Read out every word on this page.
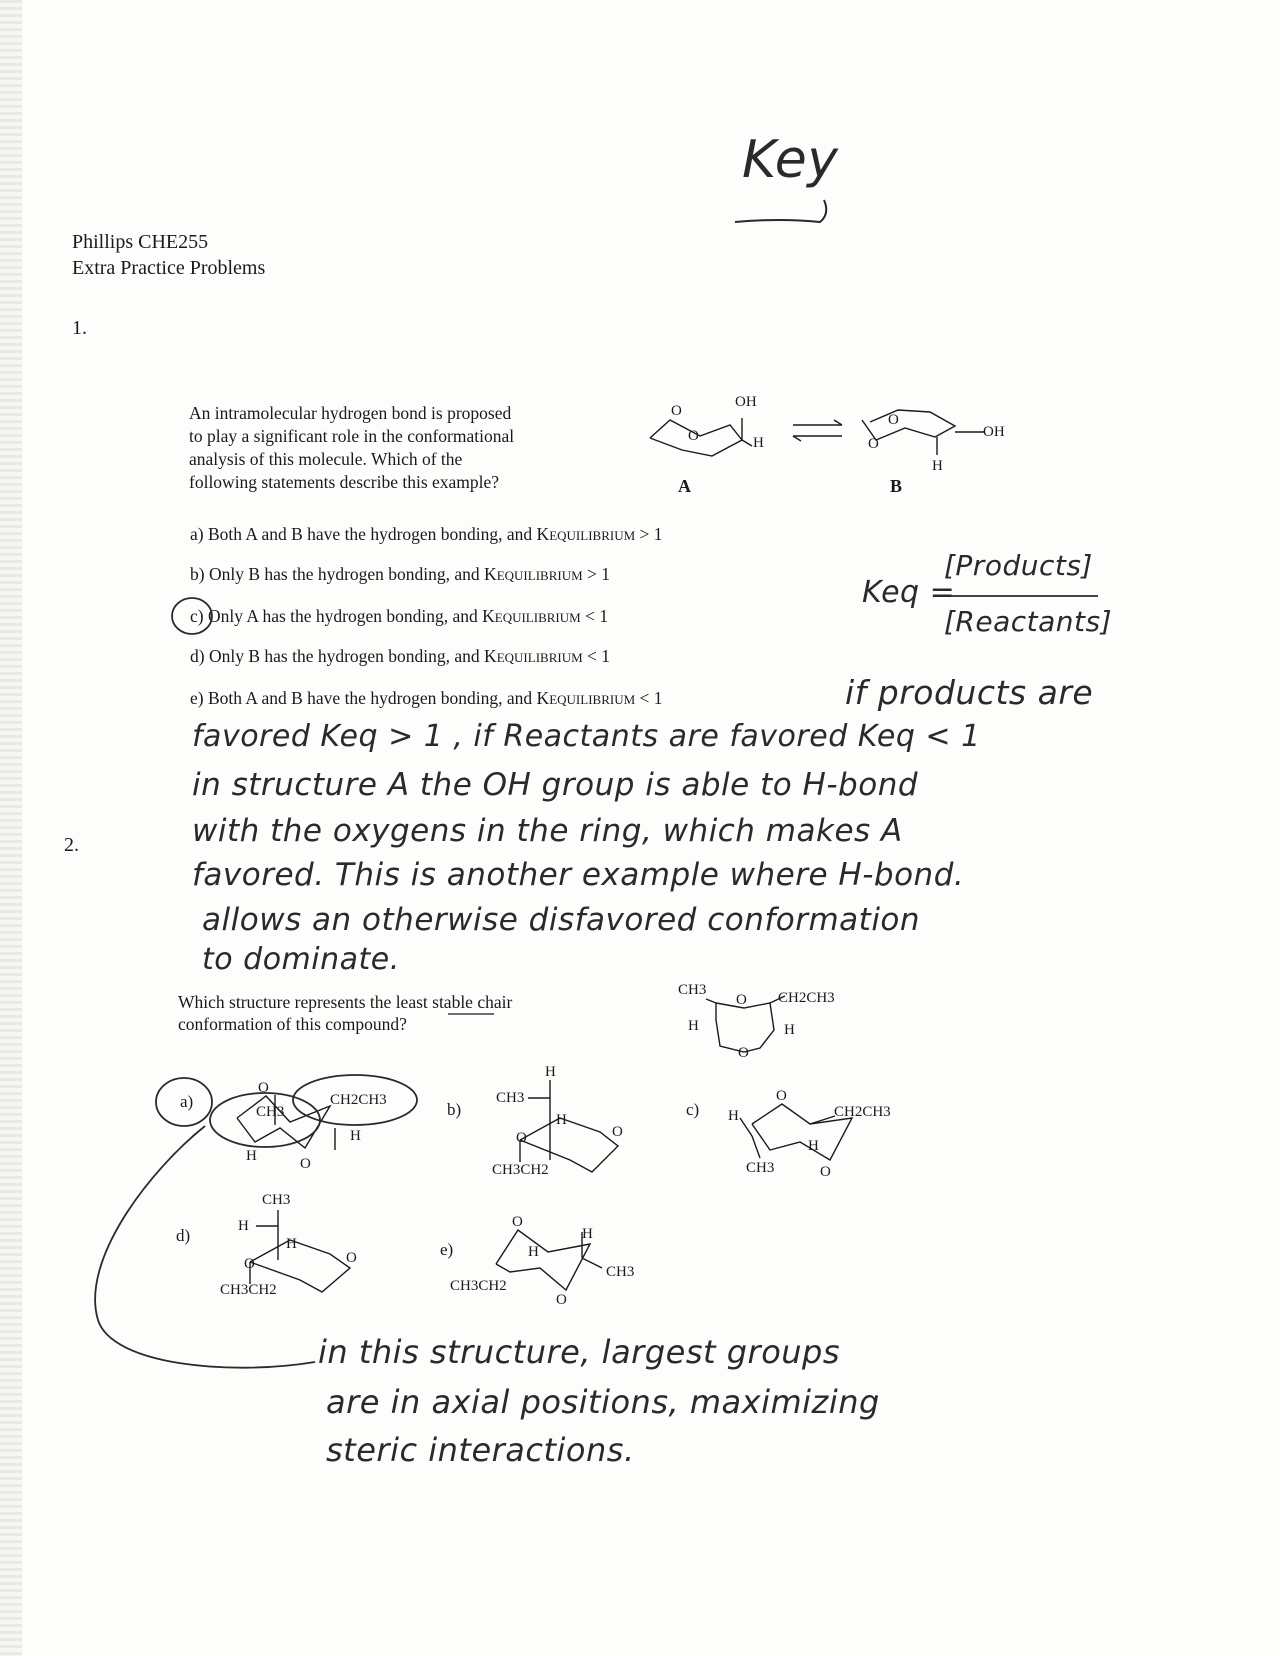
Key
Phillips CHE255
Extra Practice Problems
1.
An intramolecular hydrogen bond is proposed
to play a significant role in the conformational
analysis of this molecule. Which of the
following statements describe this example?
O
O
OH
H
A
O
O
OH
H
B
a) Both A and B have the hydrogen bonding, and KEQUILIBRIUM > 1
b) Only B has the hydrogen bonding, and KEQUILIBRIUM > 1
c) Only A has the hydrogen bonding, and KEQUILIBRIUM < 1
d) Only B has the hydrogen bonding, and KEQUILIBRIUM < 1
e) Both A and B have the hydrogen bonding, and KEQUILIBRIUM < 1
Keq =
[Products]
[Reactants]
if products are
favored Keq > 1 , if Reactants are favored Keq < 1
in structure A the OH group is able to H-bond
with the oxygens in the ring, which makes A
favored. This is another example where H-bond.
allows an otherwise disfavored conformation
to dominate.
2.
Which structure represents the least stable chair
conformation of this compound?
CH3
O CH2CH3
H	H
O
a)
O
CH3
CH2CH3
H	O
H
b)
H
CH3
H
O
O
CH3CH2
c) H
O
CH2CH3
H
CH3	O
d)
CH3
H
H
O
O
CH3CH2
e)
O
H
H
CH3
CH3CH2
O
in this structure, largest groups
are in axial positions, maximizing
steric interactions.
